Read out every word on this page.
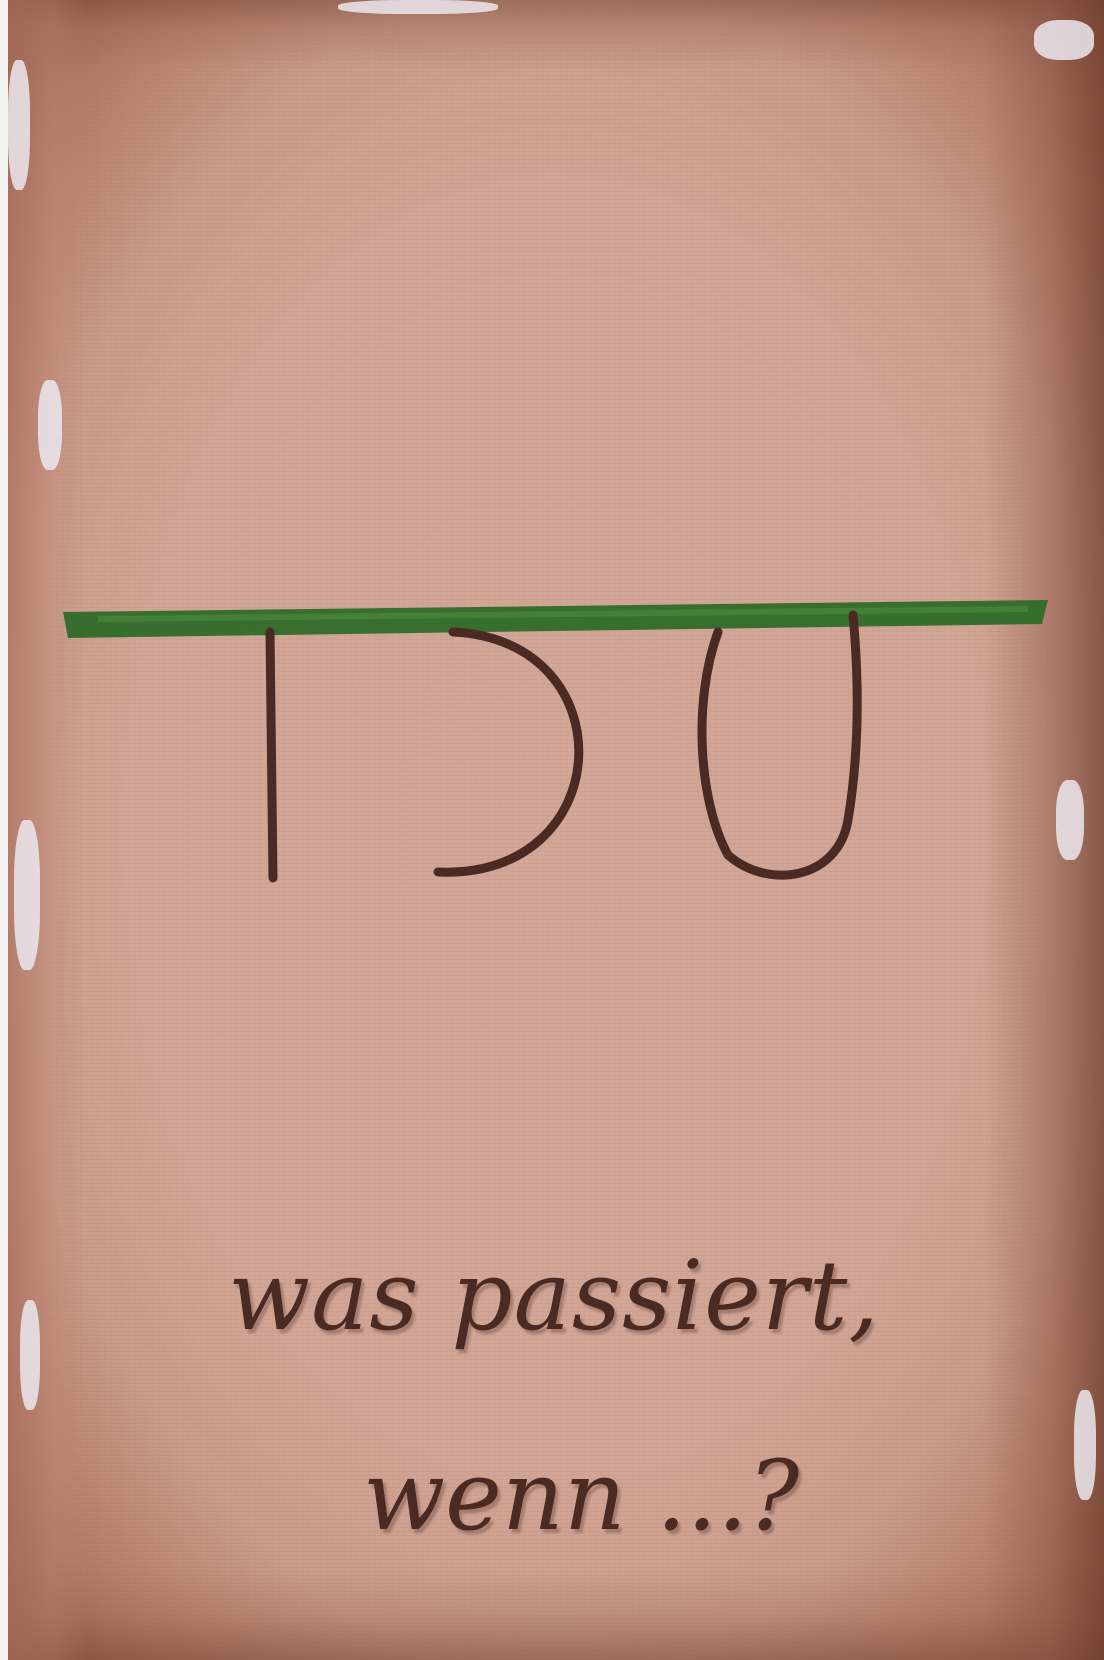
was passiert,
wenn ...?
